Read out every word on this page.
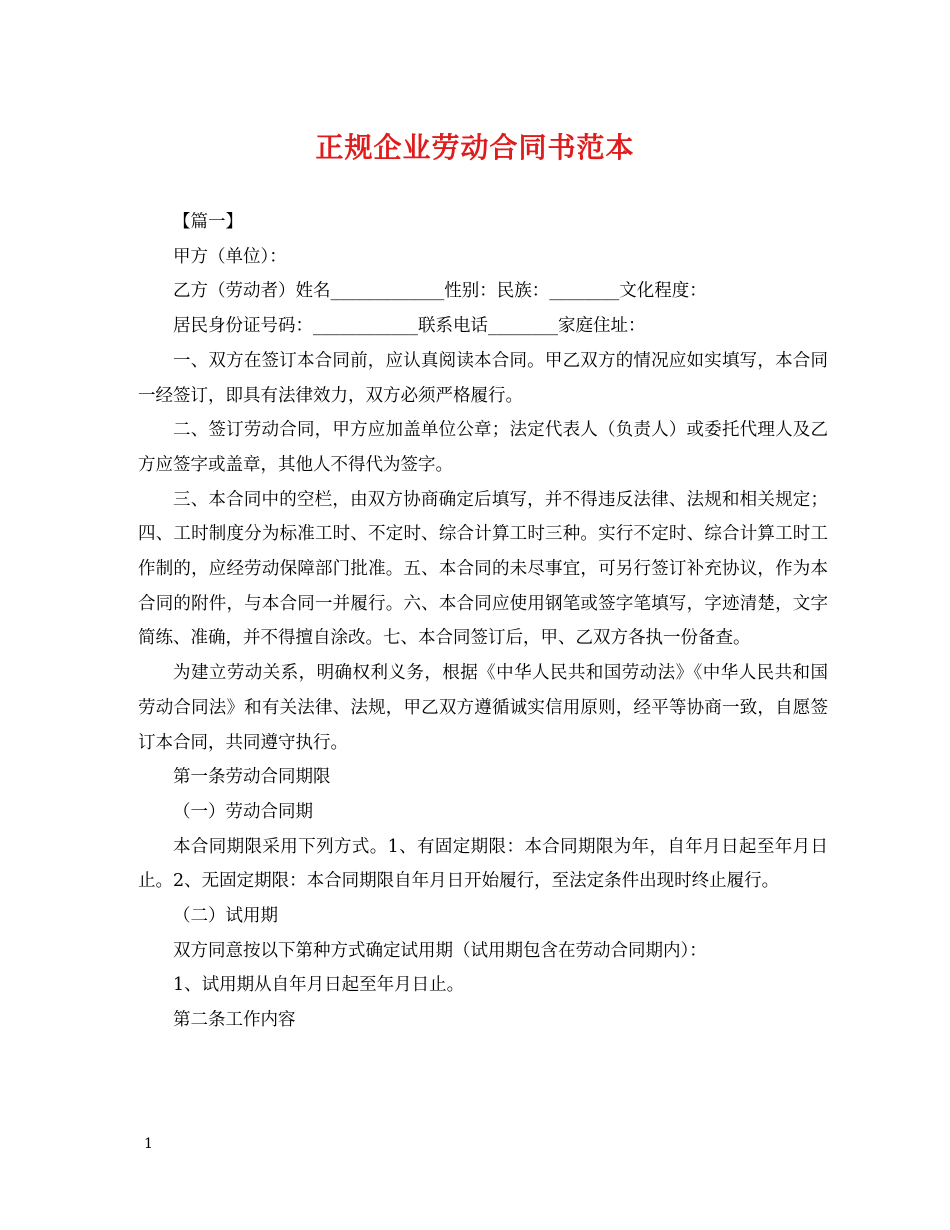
正规企业劳动合同书范本

【篇一】

甲方（单位）：

乙方（劳动者）姓名_____________性别：民族：________文化程度：

居民身份证号码：____________联系电话________家庭住址：

一、双方在签订本合同前，应认真阅读本合同。甲乙双方的情况应如实填写，本合同一经签订，即具有法律效力，双方必须严格履行。

二、签订劳动合同，甲方应加盖单位公章；法定代表人（负责人）或委托代理人及乙方应签字或盖章，其他人不得代为签字。

三、本合同中的空栏，由双方协商确定后填写，并不得违反法律、法规和相关规定；四、工时制度分为标准工时、不定时、综合计算工时三种。实行不定时、综合计算工时工作制的，应经劳动保障部门批准。五、本合同的未尽事宜，可另行签订补充协议，作为本合同的附件，与本合同一并履行。六、本合同应使用钢笔或签字笔填写，字迹清楚，文字简练、准确，并不得擅自涂改。七、本合同签订后，甲、乙双方各执一份备查。

为建立劳动关系，明确权利义务，根据《中华人民共和国劳动法》《中华人民共和国劳动合同法》和有关法律、法规，甲乙双方遵循诚实信用原则，经平等协商一致，自愿签订本合同，共同遵守执行。

第一条劳动合同期限

（一）劳动合同期

本合同期限采用下列方式。1、有固定期限：本合同期限为年，自年月日起至年月日止。2、无固定期限：本合同期限自年月日开始履行，至法定条件出现时终止履行。

（二）试用期

双方同意按以下第种方式确定试用期（试用期包含在劳动合同期内）：

1、试用期从自年月日起至年月日止。

第二条工作内容

1
